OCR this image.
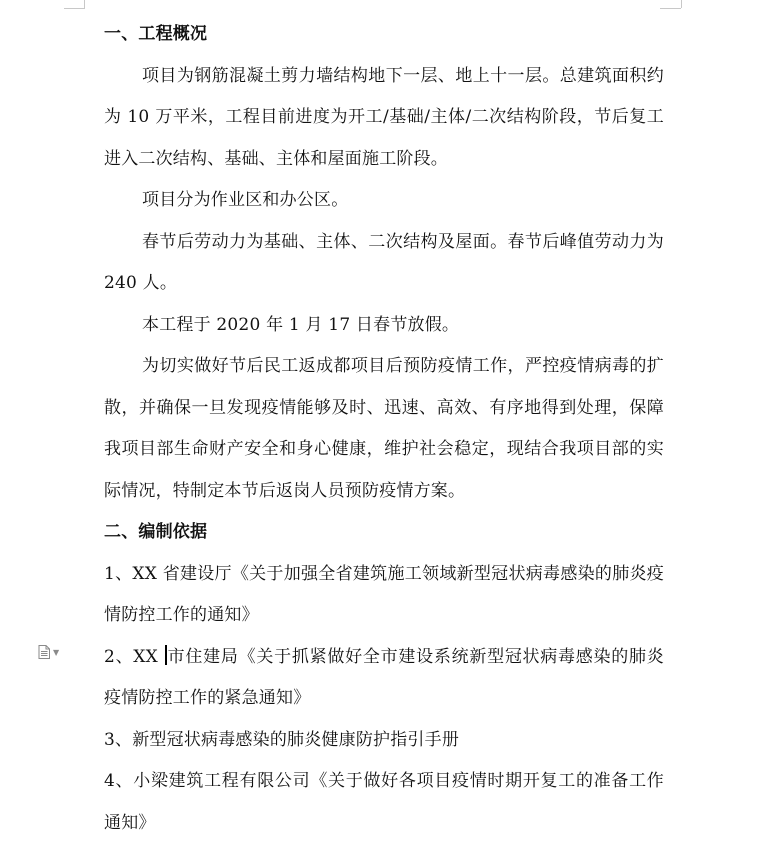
一、工程概况

项目为钢筋混凝土剪力墙结构地下一层、地上十一层。总建筑面积约为 10 万平米，工程目前进度为开工/基础/主体/二次结构阶段，节后复工进入二次结构、基础、主体和屋面施工阶段。

项目分为作业区和办公区。

春节后劳动力为基础、主体、二次结构及屋面。春节后峰值劳动力为 240 人。

本工程于 2020 年 1 月 17 日春节放假。

为切实做好节后民工返成都项目后预防疫情工作，严控疫情病毒的扩散，并确保一旦发现疫情能够及时、迅速、高效、有序地得到处理，保障我项目部生命财产安全和身心健康，维护社会稳定，现结合我项目部的实际情况，特制定本节后返岗人员预防疫情方案。

二、编制依据

1、XX 省建设厅《关于加强全省建筑施工领域新型冠状病毒感染的肺炎疫情防控工作的通知》

2、XX 市住建局《关于抓紧做好全市建设系统新型冠状病毒感染的肺炎疫情防控工作的紧急通知》

3、新型冠状病毒感染的肺炎健康防护指引手册

4、小梁建筑工程有限公司《关于做好各项目疫情时期开复工的准备工作通知》

▼
